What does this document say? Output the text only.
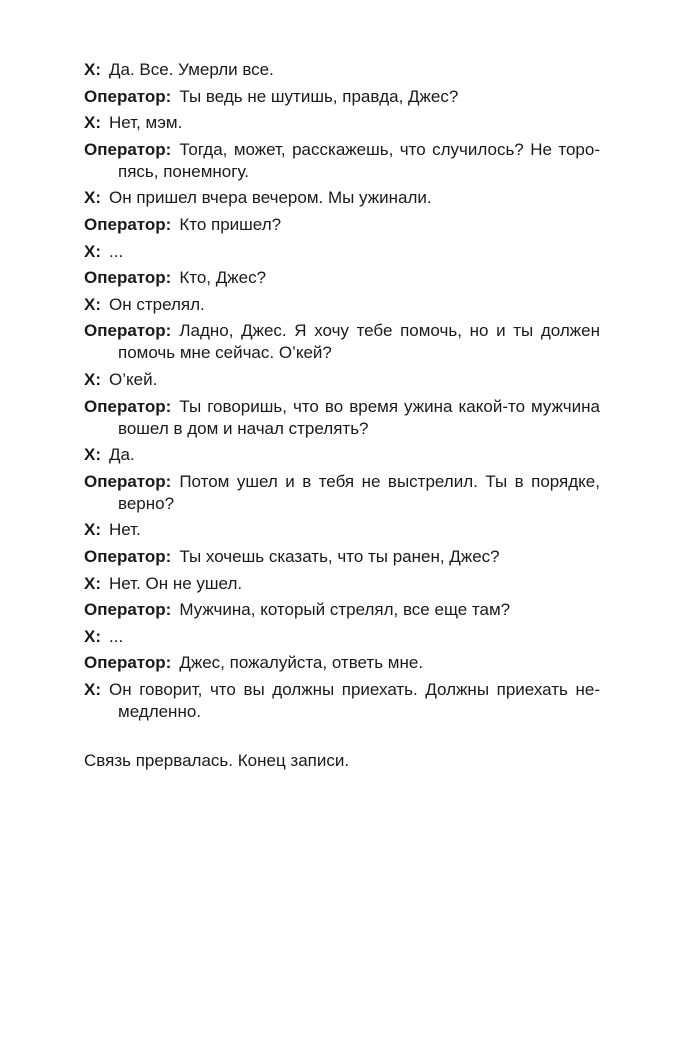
X: Да. Все. Умерли все.
Оператор: Ты ведь не шутишь, правда, Джес?
X: Нет, мэм.
Оператор: Тогда, может, расскажешь, что случилось? Не торо-пясь, понемногу.
X: Он пришел вчера вечером. Мы ужинали.
Оператор: Кто пришел?
X: ...
Оператор: Кто, Джес?
X: Он стрелял.
Оператор: Ладно, Джес. Я хочу тебе помочь, но и ты должен помочь мне сейчас. О’кей?
X: О’кей.
Оператор: Ты говоришь, что во время ужина какой-то мужчина вошел в дом и начал стрелять?
X: Да.
Оператор: Потом ушел и в тебя не выстрелил. Ты в порядке, верно?
X: Нет.
Оператор: Ты хочешь сказать, что ты ранен, Джес?
X: Нет. Он не ушел.
Оператор: Мужчина, который стрелял, все еще там?
X: ...
Оператор: Джес, пожалуйста, ответь мне.
X: Он говорит, что вы должны приехать. Должны приехать не-медленно.
Связь прервалась. Конец записи.
